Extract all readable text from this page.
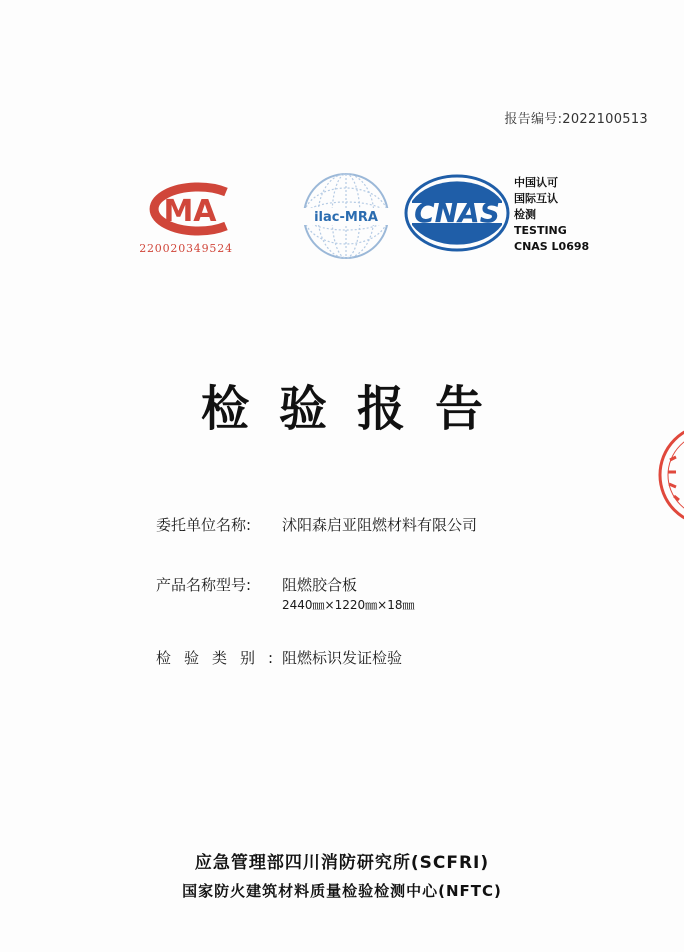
报告编号:2022100513
MA
220020349524
ilac-MRA CNAS
中国认可
国际互认
检测
TESTING
CNAS L0698
检验报告
委托单位名称: 沭阳森启亚阻燃材料有限公司
产品名称型号: 阻燃胶合板
2440㎜×1220㎜×18㎜
检验类别:阻燃标识发证检验
应急管理部四川消防研究所(SCFRI)
国家防火建筑材料质量检验检测中心(NFTC)
